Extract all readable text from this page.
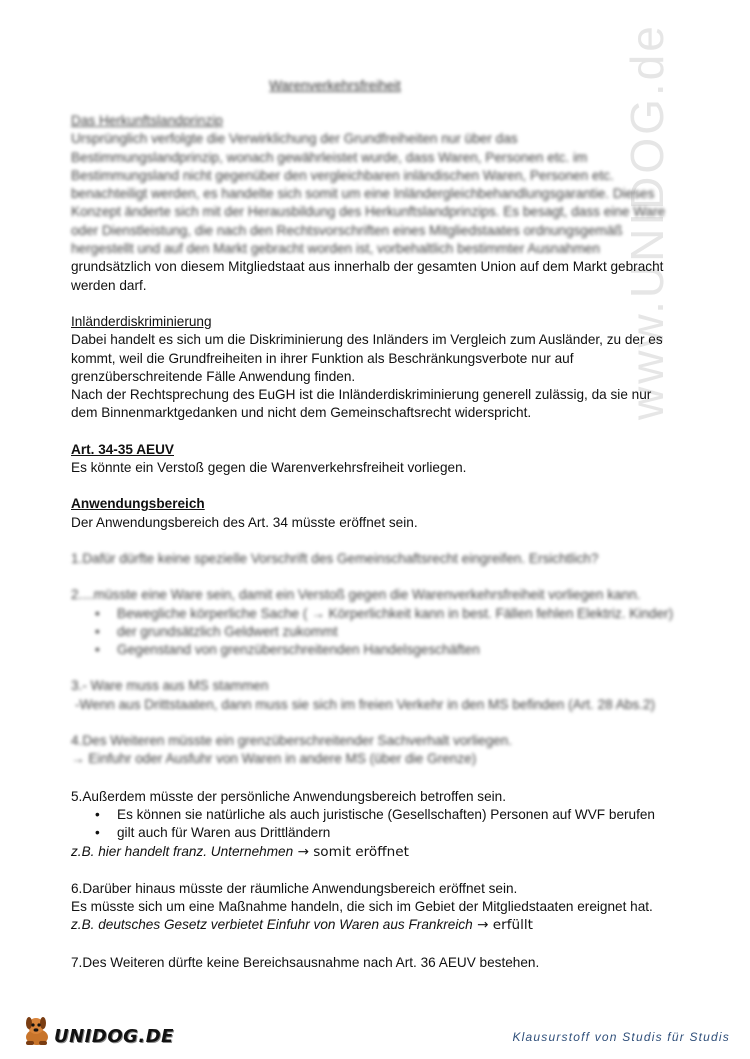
Warenverkehrsfreiheit	www.UNIDOG.de
Das Herkunftslandprinzip
Ursprünglich verfolgte die Verwirklichung der Grundfreiheiten nur über das
Bestimmungslandprinzip, wonach gewährleistet wurde, dass Waren, Personen etc. im
Bestimmungsland nicht gegenüber den vergleichbaren inländischen Waren, Personen etc.
benachteiligt werden, es handelte sich somit um eine Inländergleichbehandlungsgarantie. Dieses
Konzept änderte sich mit der Herausbildung des Herkunftslandprinzips. Es besagt, dass eine Ware
oder Dienstleistung, die nach den Rechtsvorschriften eines Mitgliedstaates ordnungsgemäß
hergestellt und auf den Markt gebracht worden ist, vorbehaltlich bestimmter Ausnahmen
grundsätzlich von diesem Mitgliedstaat aus innerhalb der gesamten Union auf dem Markt gebracht
werden darf.
Inländerdiskriminierung
Dabei handelt es sich um die Diskriminierung des Inländers im Vergleich zum Ausländer, zu der es
kommt, weil die Grundfreiheiten in ihrer Funktion als Beschränkungsverbote nur auf
grenzüberschreitende Fälle Anwendung finden.
Nach der Rechtsprechung des EuGH ist die Inländerdiskriminierung generell zulässig, da sie nur
dem Binnenmarktgedanken und nicht dem Gemeinschaftsrecht widerspricht.
Art. 34-35 AEUV
Es könnte ein Verstoß gegen die Warenverkehrsfreiheit vorliegen.
Anwendungsbereich
Der Anwendungsbereich des Art. 34 müsste eröffnet sein.
1.Dafür dürfte keine spezielle Vorschrift des Gemeinschaftsrecht eingreifen. Ersichtlich?
2....müsste eine Ware sein, damit ein Verstoß gegen die Warenverkehrsfreiheit vorliegen kann.
• Bewegliche körperliche Sache ( → Körperlichkeit kann in best. Fällen fehlen Elektriz. Kinder)
• der grundsätzlich Geldwert zukommt
• Gegenstand von grenzüberschreitenden Handelsgeschäften
3.- Ware muss aus MS stammen
-Wenn aus Drittstaaten, dann muss sie sich im freien Verkehr in den MS befinden (Art. 28 Abs.2)
4.Des Weiteren müsste ein grenzüberschreitender Sachverhalt vorliegen.
→ Einfuhr oder Ausfuhr von Waren in andere MS (über die Grenze)
5.Außerdem müsste der persönliche Anwendungsbereich betroffen sein.
• Es können sie natürliche als auch juristische (Gesellschaften) Personen auf WVF berufen
• gilt auch für Waren aus Drittländern
z.B. hier handelt franz. Unternehmen → somit eröffnet
6.Darüber hinaus müsste der räumliche Anwendungsbereich eröffnet sein.
Es müsste sich um eine Maßnahme handeln, die sich im Gebiet der Mitgliedstaaten ereignet hat.
z.B. deutsches Gesetz verbietet Einfuhr von Waren aus Frankreich → erfüllt
7.Des Weiteren dürfte keine Bereichsausnahme nach Art. 36 AEUV bestehen.
UNIDOG.DE	Klausurstoff von Studis für Studis
